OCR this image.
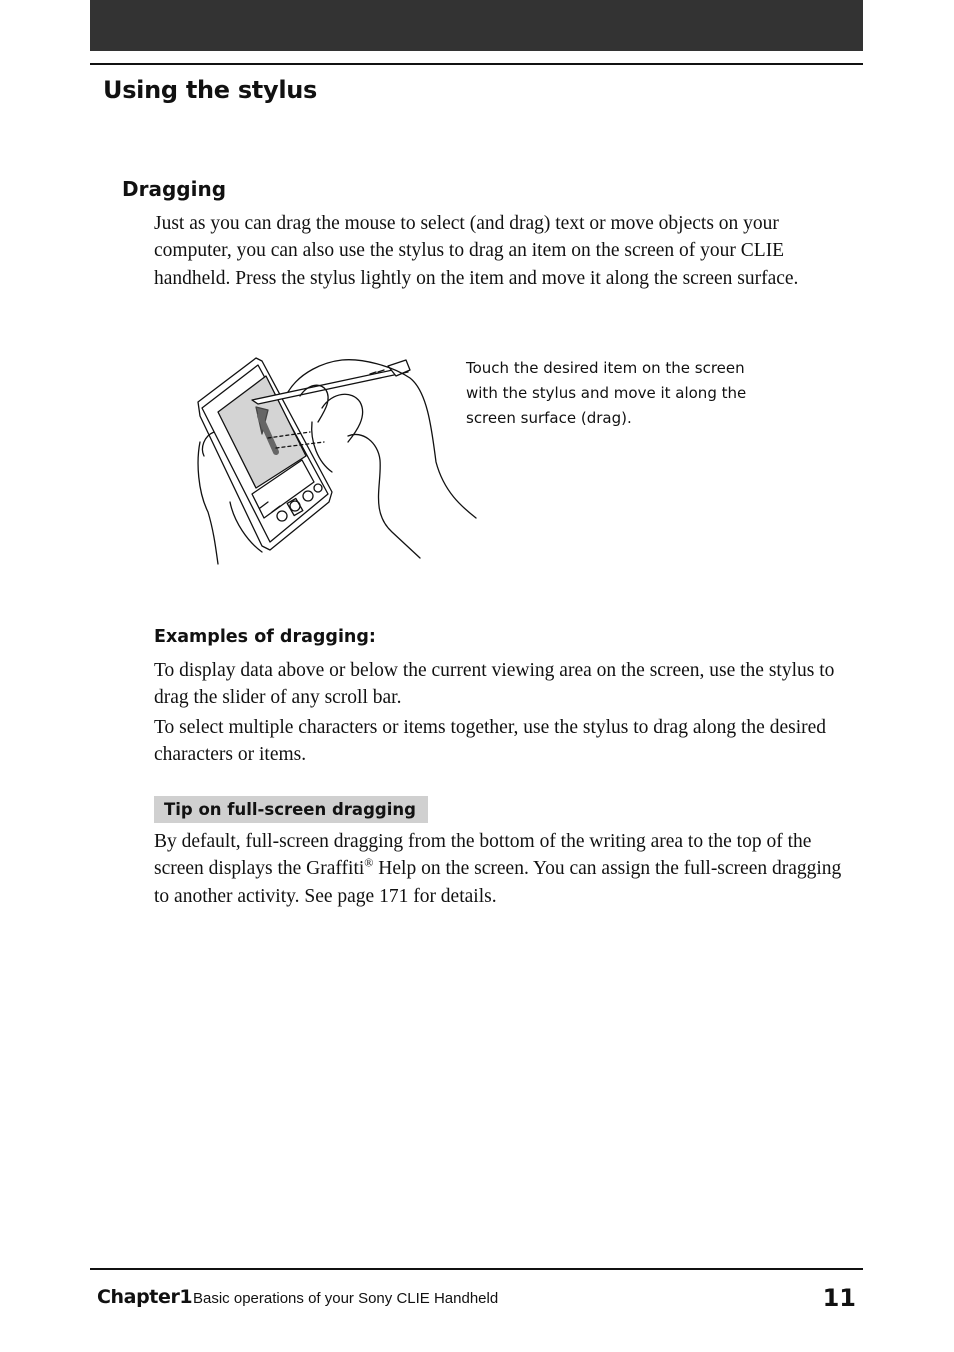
Using the stylus
Dragging
Just as you can drag the mouse to select (and drag) text or move objects on your computer, you can also use the stylus to drag an item on the screen of your CLIE handheld. Press the stylus lightly on the item and move it along the screen surface.
Touch the desired item on the screen with the stylus and move it along the screen surface (drag).
Examples of dragging:
To display data above or below the current viewing area on the screen, use the stylus to drag the slider of any scroll bar.
To select multiple characters or items together, use the stylus to drag along the desired characters or items.
Tip on full-screen dragging
By default, full-screen dragging from the bottom of the writing area to the top of the screen displays the Graffiti® Help on the screen. You can assign the full-screen dragging to another activity. See page 171 for details.
Chapter1 Basic operations of your Sony CLIE Handheld	11
